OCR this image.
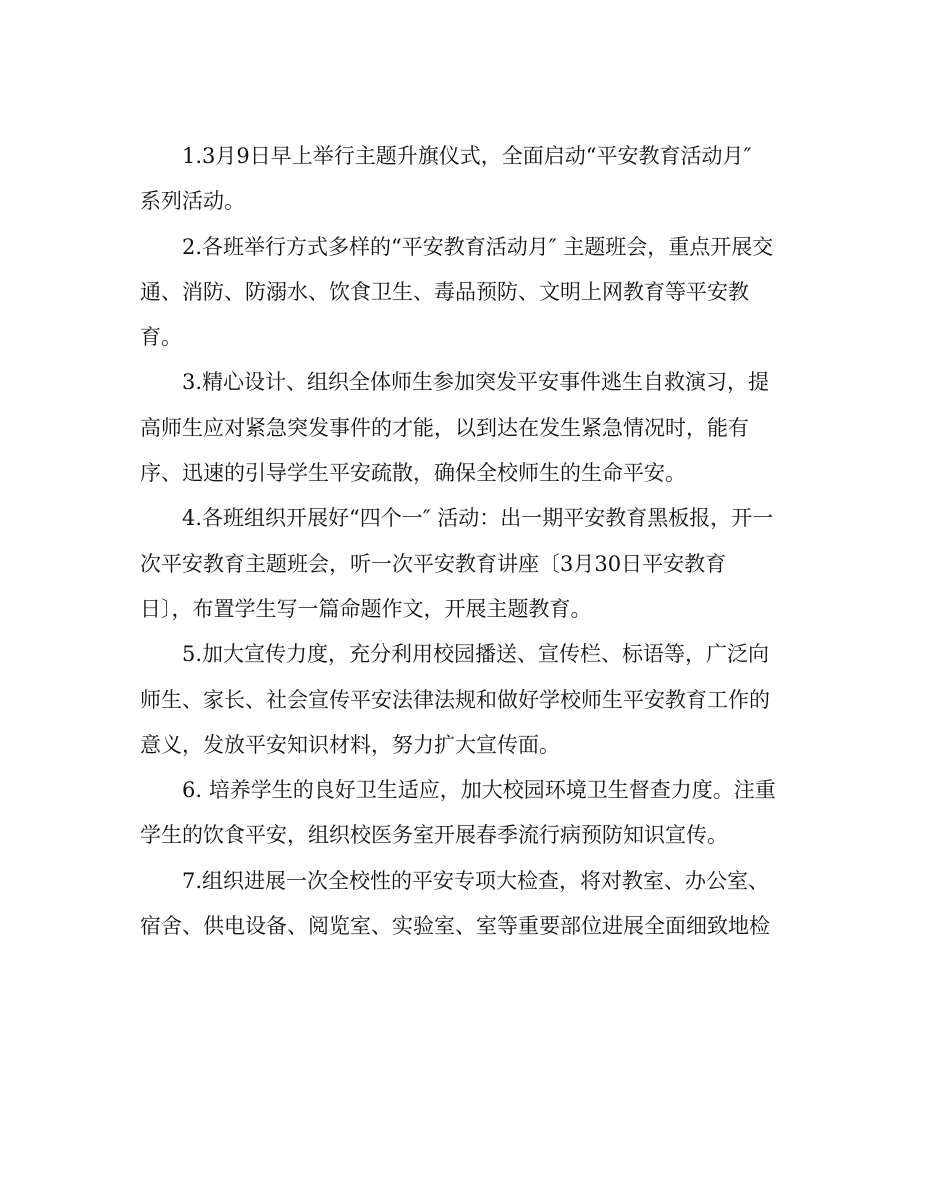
1.3月9日早上举行主题升旗仪式，全面启动“平安教育活动月″
系列活动。
2.各班举行方式多样的“平安教育活动月″ 主题班会，重点开展交
通、消防、防溺水、饮食卫生、毒品预防、文明上网教育等平安教
育。
3.精心设计、组织全体师生参加突发平安事件逃生自救演习，提
高师生应对紧急突发事件的才能，以到达在发生紧急情况时，能有
序、迅速的引导学生平安疏散，确保全校师生的生命平安。
4.各班组织开展好“四个一″ 活动：出一期平安教育黑板报，开一
次平安教育主题班会，听一次平安教育讲座〔3月30日平安教育
日〕，布置学生写一篇命题作文，开展主题教育。
5.加大宣传力度，充分利用校园播送、宣传栏、标语等，广泛向
师生、家长、社会宣传平安法律法规和做好学校师生平安教育工作的
意义，发放平安知识材料，努力扩大宣传面。
6. 培养学生的良好卫生适应，加大校园环境卫生督查力度。注重
学生的饮食平安，组织校医务室开展春季流行病预防知识宣传。
7.组织进展一次全校性的平安专项大检查，将对教室、办公室、
宿舍、供电设备、阅览室、实验室、室等重要部位进展全面细致地检
